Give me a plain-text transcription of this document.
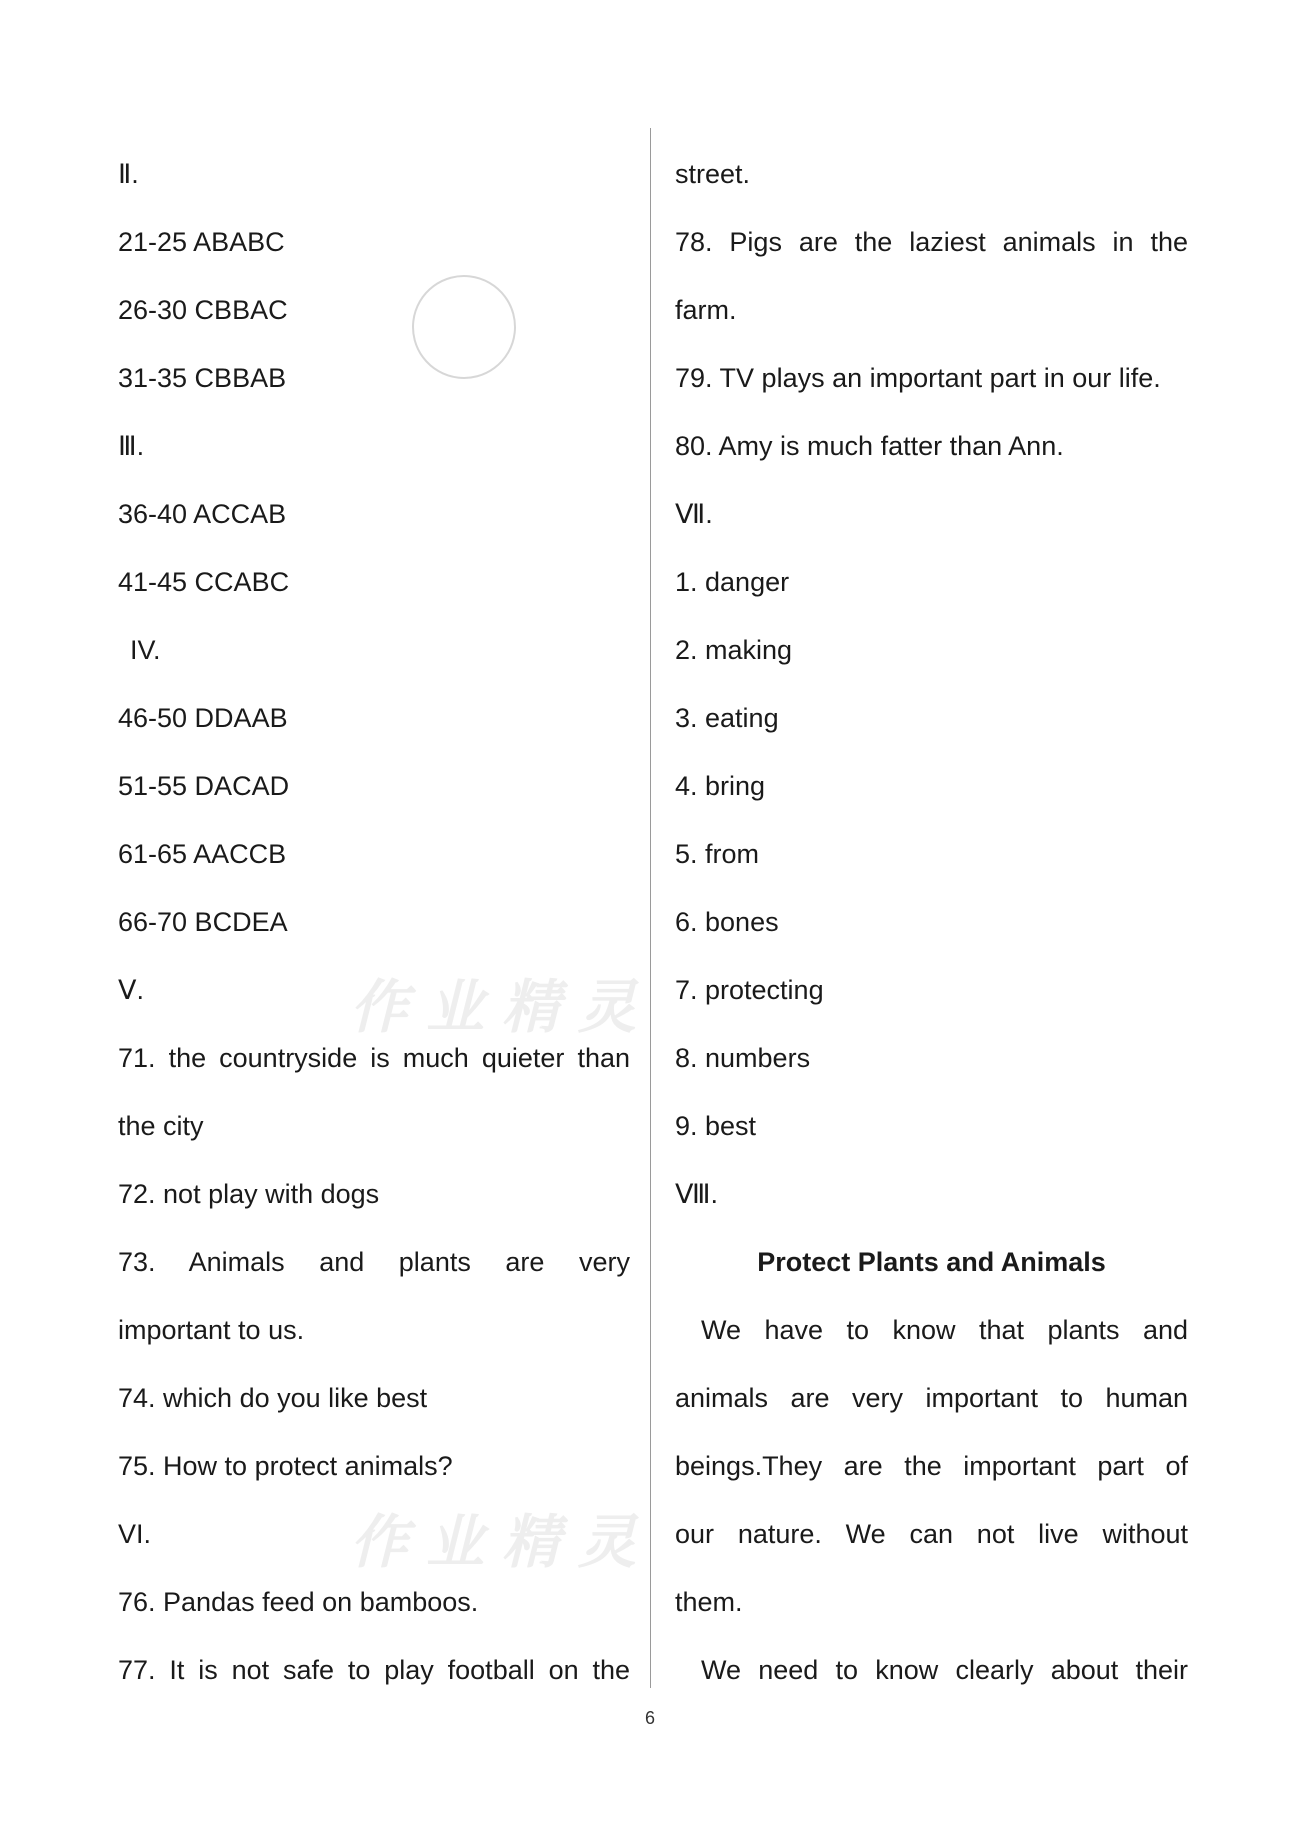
Ⅱ.
21-25 ABABC
26-30 CBBAC
31-35 CBBAB
Ⅲ.
36-40 ACCAB
41-45 CCABC
IV.
46-50 DDAAB
51-55 DACAD
61-65 AACCB
66-70 BCDEA
Ⅴ.
71. the countryside is much quieter than
the city
72. not play with dogs
73. Animals and plants are very
important to us.
74. which do you like best
75. How to protect animals?
VI.
76. Pandas feed on bamboos.
77. It is not safe to play football on the
street.
78. Pigs are the laziest animals in the
farm.
79. TV plays an important part in our life.
80. Amy is much fatter than Ann.
Ⅶ.
1. danger
2. making
3. eating
4. bring
5. from
6. bones
7. protecting
8. numbers
9. best
Ⅷ.
Protect Plants and Animals
We have to know that plants and
animals are very important to human
beings.They are the important part of
our nature. We can not live without
them.
We need to know clearly about their
作业精灵
作业精灵
6
